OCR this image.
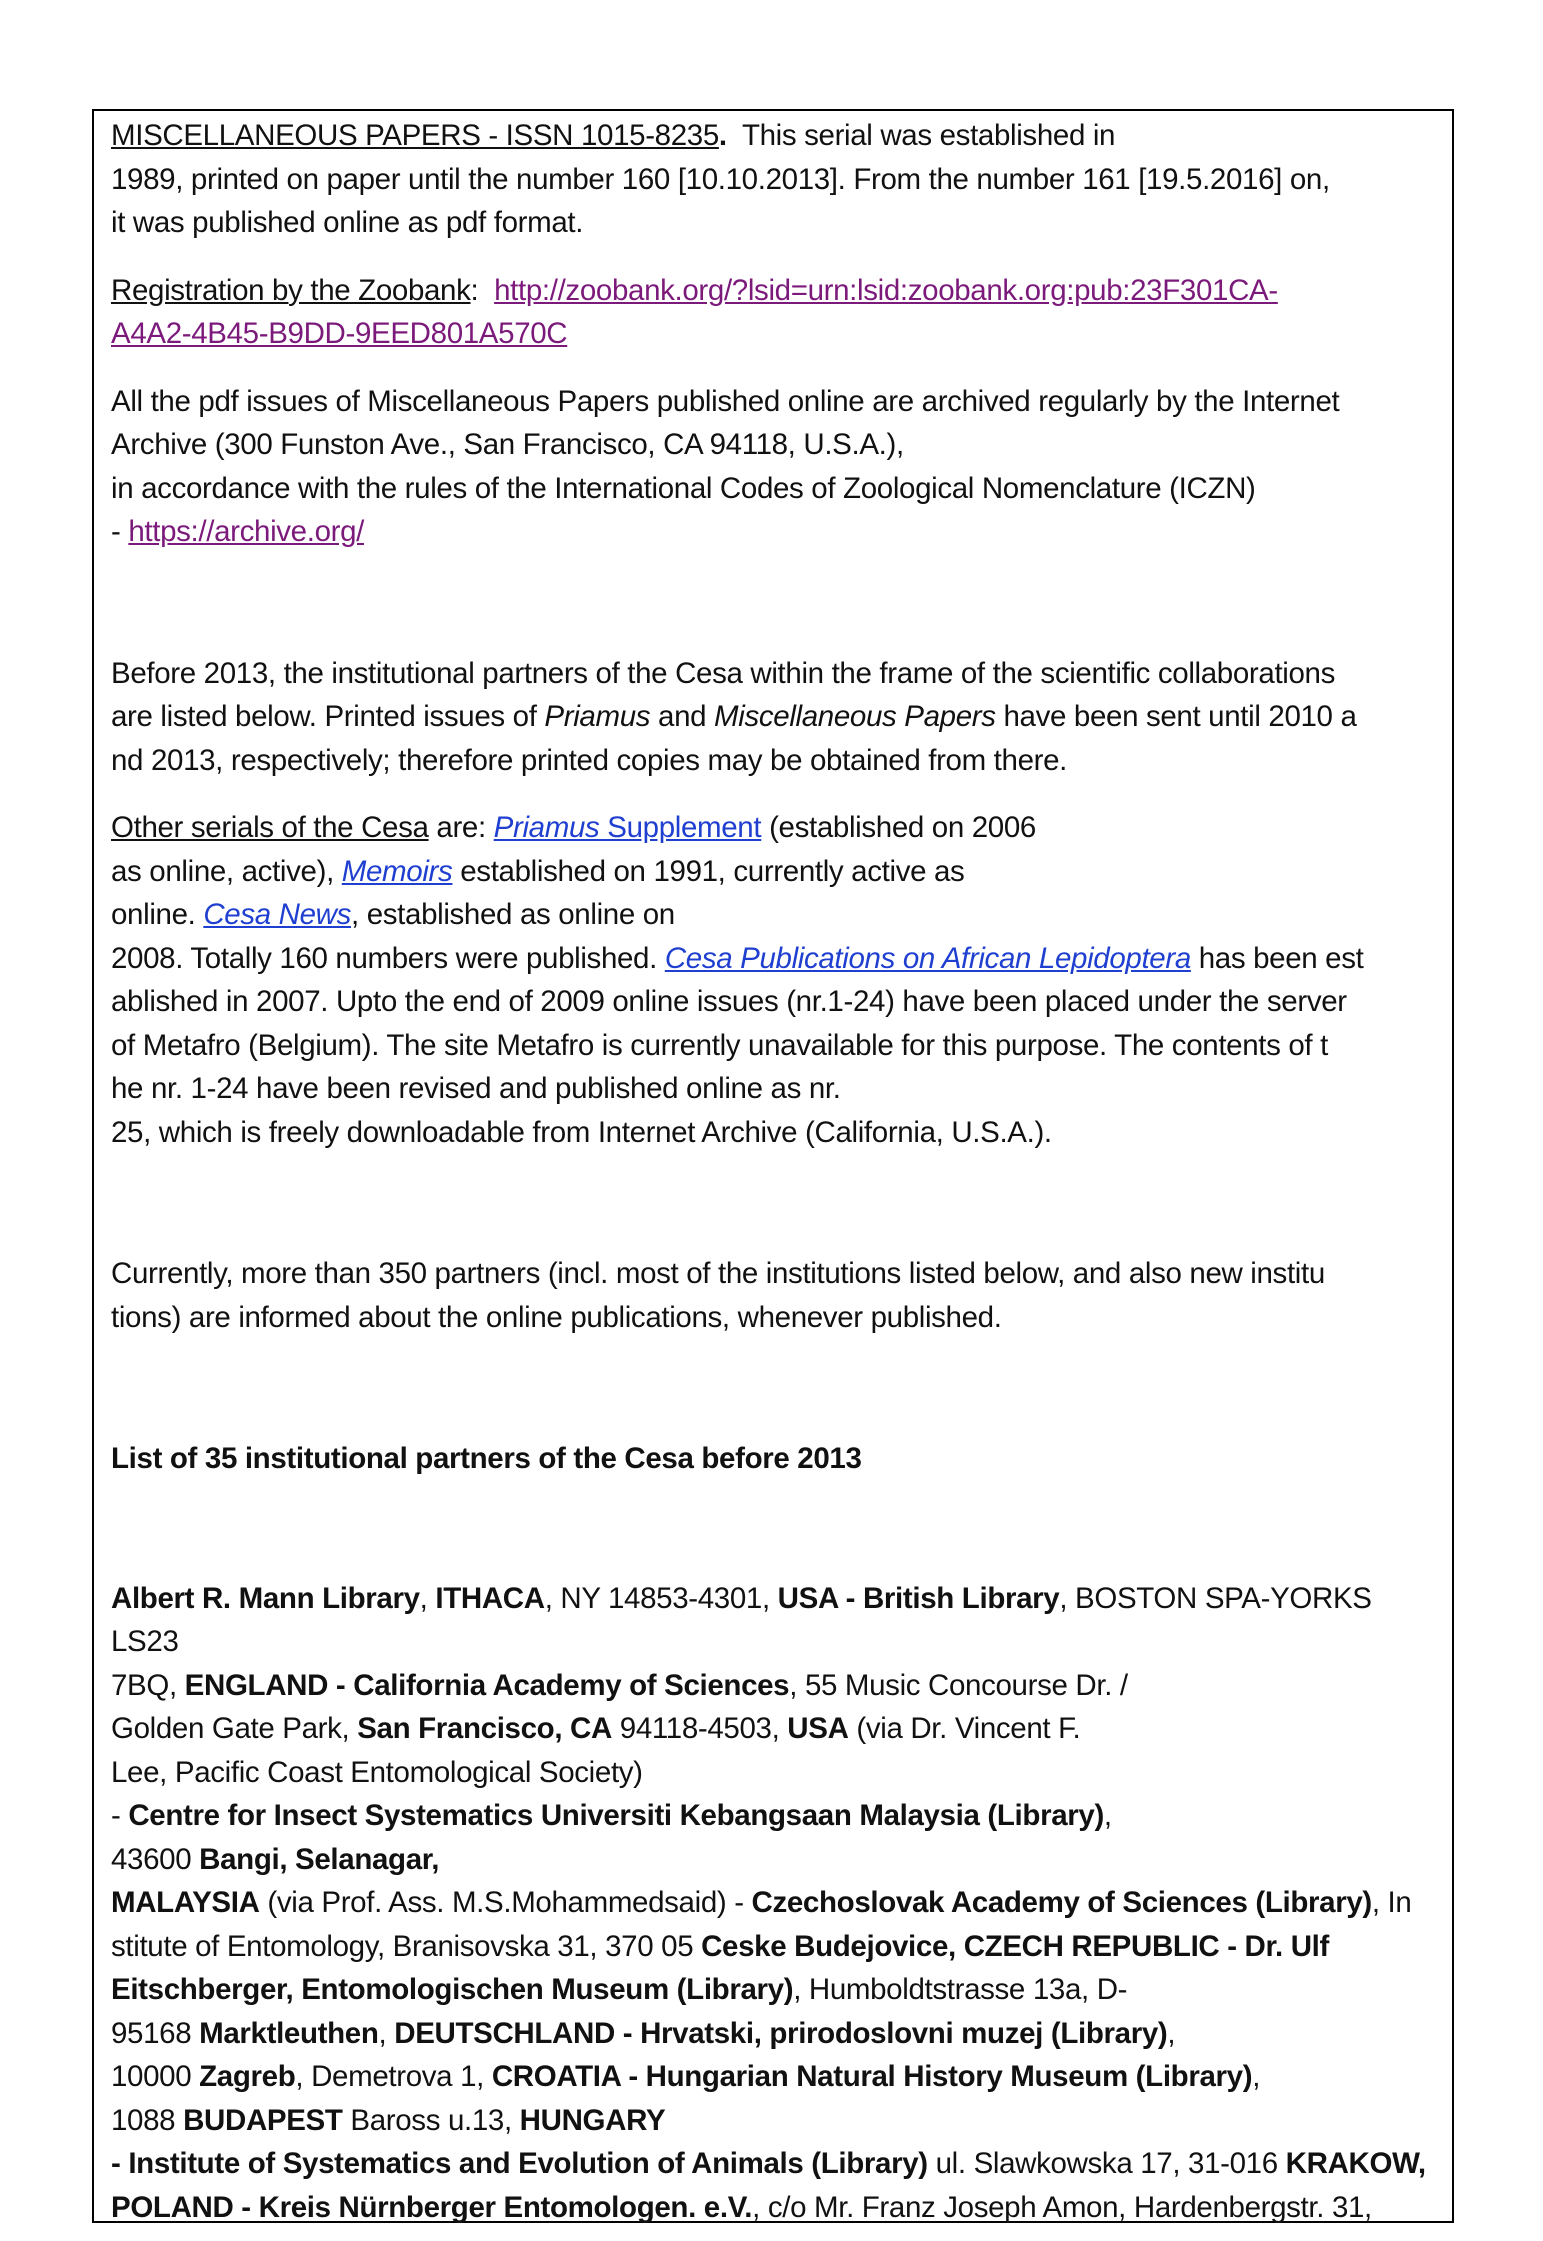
MISCELLANEOUS PAPERS - ISSN 1015-8235. This serial was established in

1989, printed on paper until the number 160 [10.10.2013]. From the number 161 [19.5.2016] on,

it was published online as pdf format.

Registration by the Zoobank: http://zoobank.org/?lsid=urn:lsid:zoobank.org:pub:23F301CA-

A4A2-4B45-B9DD-9EED801A570C

All the pdf issues of Miscellaneous Papers published online are archived regularly by the Internet

Archive (300 Funston Ave., San Francisco, CA 94118, U.S.A.),

in accordance with the rules of the International Codes of Zoological Nomenclature (ICZN)

- https://archive.org/

Before 2013, the institutional partners of the Cesa within the frame of the scientific collaborations

are listed below. Printed issues of Priamus and Miscellaneous Papers have been sent until 2010 a

nd 2013, respectively; therefore printed copies may be obtained from there.

Other serials of the Cesa are: Priamus Supplement (established on 2006

as online, active), Memoirs established on 1991, currently active as

online. Cesa News, established as online on

2008. Totally 160 numbers were published. Cesa Publications on African Lepidoptera has been est

ablished in 2007. Upto the end of 2009 online issues (nr.1-24) have been placed under the server

of Metafro (Belgium). The site Metafro is currently unavailable for this purpose. The contents of t

he nr. 1-24 have been revised and published online as nr.

25, which is freely downloadable from Internet Archive (California, U.S.A.).

Currently, more than 350 partners (incl. most of the institutions listed below, and also new institu

tions) are informed about the online publications, whenever published.

List of 35 institutional partners of the Cesa before 2013

Albert R. Mann Library, ITHACA, NY 14853-4301, USA - British Library, BOSTON SPA-YORKS LS23

7BQ, ENGLAND - California Academy of Sciences, 55 Music Concourse Dr. /

Golden Gate Park, San Francisco, CA 94118-4503, USA (via Dr. Vincent F.

Lee, Pacific Coast Entomological Society)

- Centre for Insect Systematics Universiti Kebangsaan Malaysia (Library),

43600 Bangi, Selanagar,

MALAYSIA (via Prof. Ass. M.S.Mohammedsaid) - Czechoslovak Academy of Sciences (Library), In

stitute of Entomology, Branisovska 31, 370 05 Ceske Budejovice, CZECH REPUBLIC - Dr. Ulf

Eitschberger, Entomologischen Museum (Library), Humboldtstrasse 13a, D-

95168 Marktleuthen, DEUTSCHLAND - Hrvatski, prirodoslovni muzej (Library),

10000 Zagreb, Demetrova 1, CROATIA - Hungarian Natural History Museum (Library),

1088 BUDAPEST Baross u.13, HUNGARY

- Institute of Systematics and Evolution of Animals (Library) ul. Slawkowska 17, 31-016 KRAKOW,

POLAND - Kreis Nürnberger Entomologen. e.V., c/o Mr. Franz Joseph Amon, Hardenbergstr. 31,
